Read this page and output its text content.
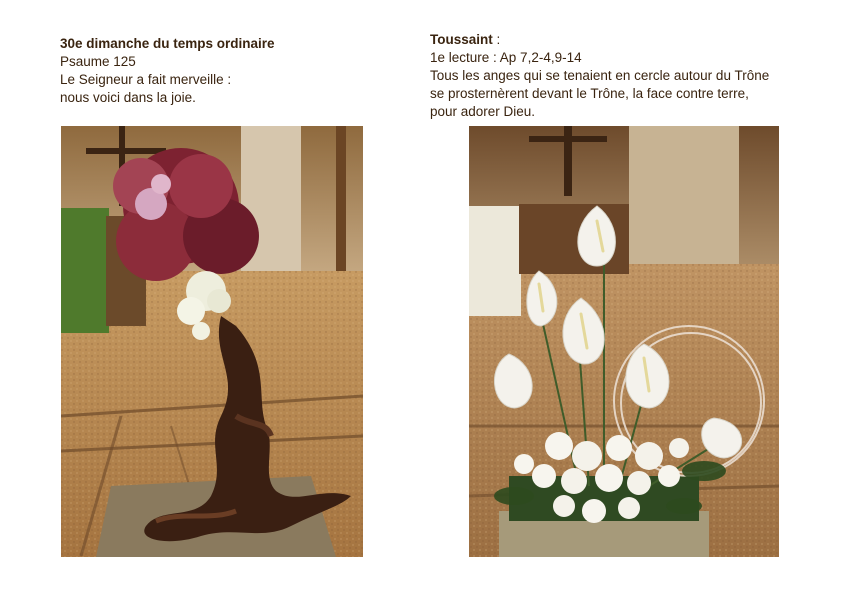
30e dimanche du temps ordinaire
Psaume 125
Le Seigneur a fait merveille :
nous voici dans la joie.
Toussaint :
1e lecture : Ap 7,2-4,9-14
Tous les anges qui se tenaient en cercle autour du Trône
se prosternèrent devant le Trône, la face contre terre,
pour adorer Dieu.
